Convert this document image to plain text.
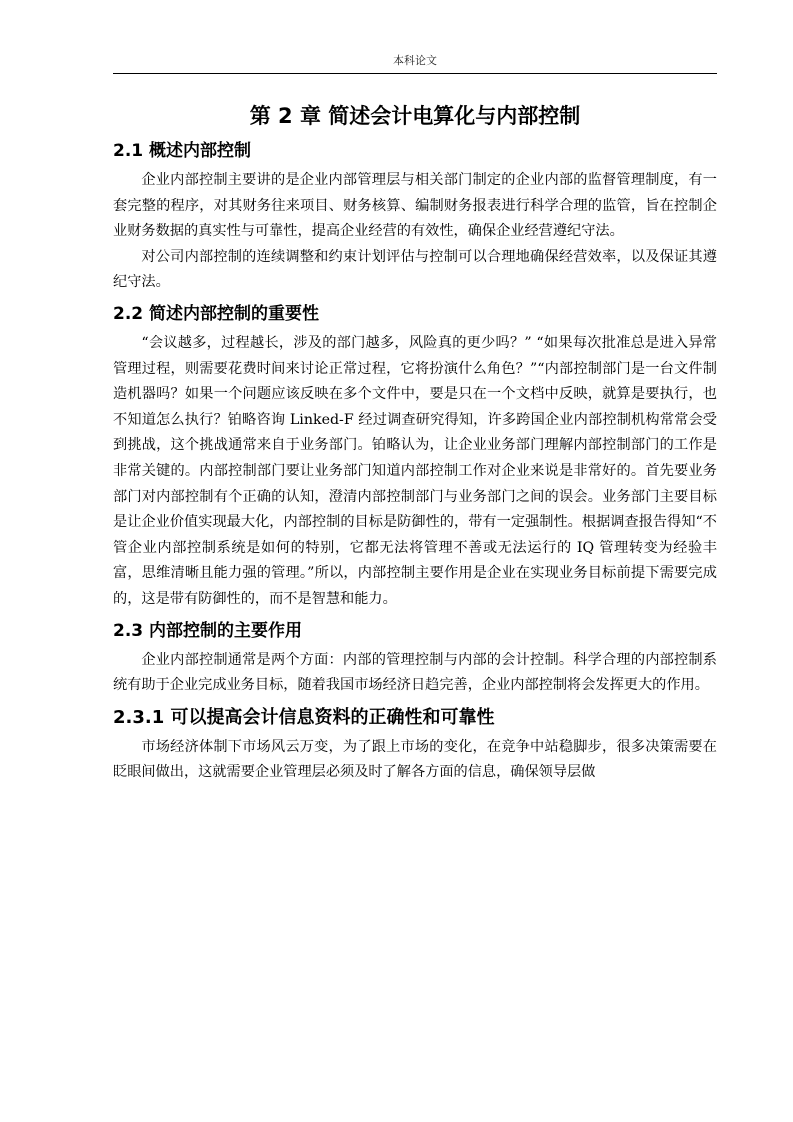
本科论文
第 2 章 简述会计电算化与内部控制
2.1 概述内部控制

企业内部控制主要讲的是企业内部管理层与相关部门制定的企业内部的监督管理制度，有一套完整的程序，对其财务往来项目、财务核算、编制财务报表进行科学合理的监管，旨在控制企业财务数据的真实性与可靠性，提高企业经营的有效性，确保企业经营遵纪守法。

对公司内部控制的连续调整和约束计划评估与控制可以合理地确保经营效率，以及保证其遵纪守法。

2.2 简述内部控制的重要性

“会议越多，过程越长，涉及的部门越多，风险真的更少吗？” “如果每次批准总是进入异常管理过程，则需要花费时间来讨论正常过程，它将扮演什么角色？”“内部控制部门是一台文件制造机器吗？如果一个问题应该反映在多个文件中，要是只在一个文档中反映，就算是要执行，也不知道怎么执行？铂略咨询 Linked-F 经过调查研究得知，许多跨国企业内部控制机构常常会受到挑战，这个挑战通常来自于业务部门。铂略认为，让企业业务部门理解内部控制部门的工作是非常关键的。内部控制部门要让业务部门知道内部控制工作对企业来说是非常好的。首先要业务部门对内部控制有个正确的认知，澄清内部控制部门与业务部门之间的误会。业务部门主要目标是让企业价值实现最大化，内部控制的目标是防御性的，带有一定强制性。根据调查报告得知“不管企业内部控制系统是如何的特别，它都无法将管理不善或无法运行的 IQ 管理转变为经验丰富，思维清晰且能力强的管理。”所以，内部控制主要作用是企业在实现业务目标前提下需要完成的，这是带有防御性的，而不是智慧和能力。

2.3 内部控制的主要作用

企业内部控制通常是两个方面：内部的管理控制与内部的会计控制。科学合理的内部控制系统有助于企业完成业务目标，随着我国市场经济日趋完善，企业内部控制将会发挥更大的作用。

2.3.1 可以提高会计信息资料的正确性和可靠性

市场经济体制下市场风云万变，为了跟上市场的变化，在竞争中站稳脚步，很多决策需要在眨眼间做出，这就需要企业管理层必须及时了解各方面的信息，确保领导层做
